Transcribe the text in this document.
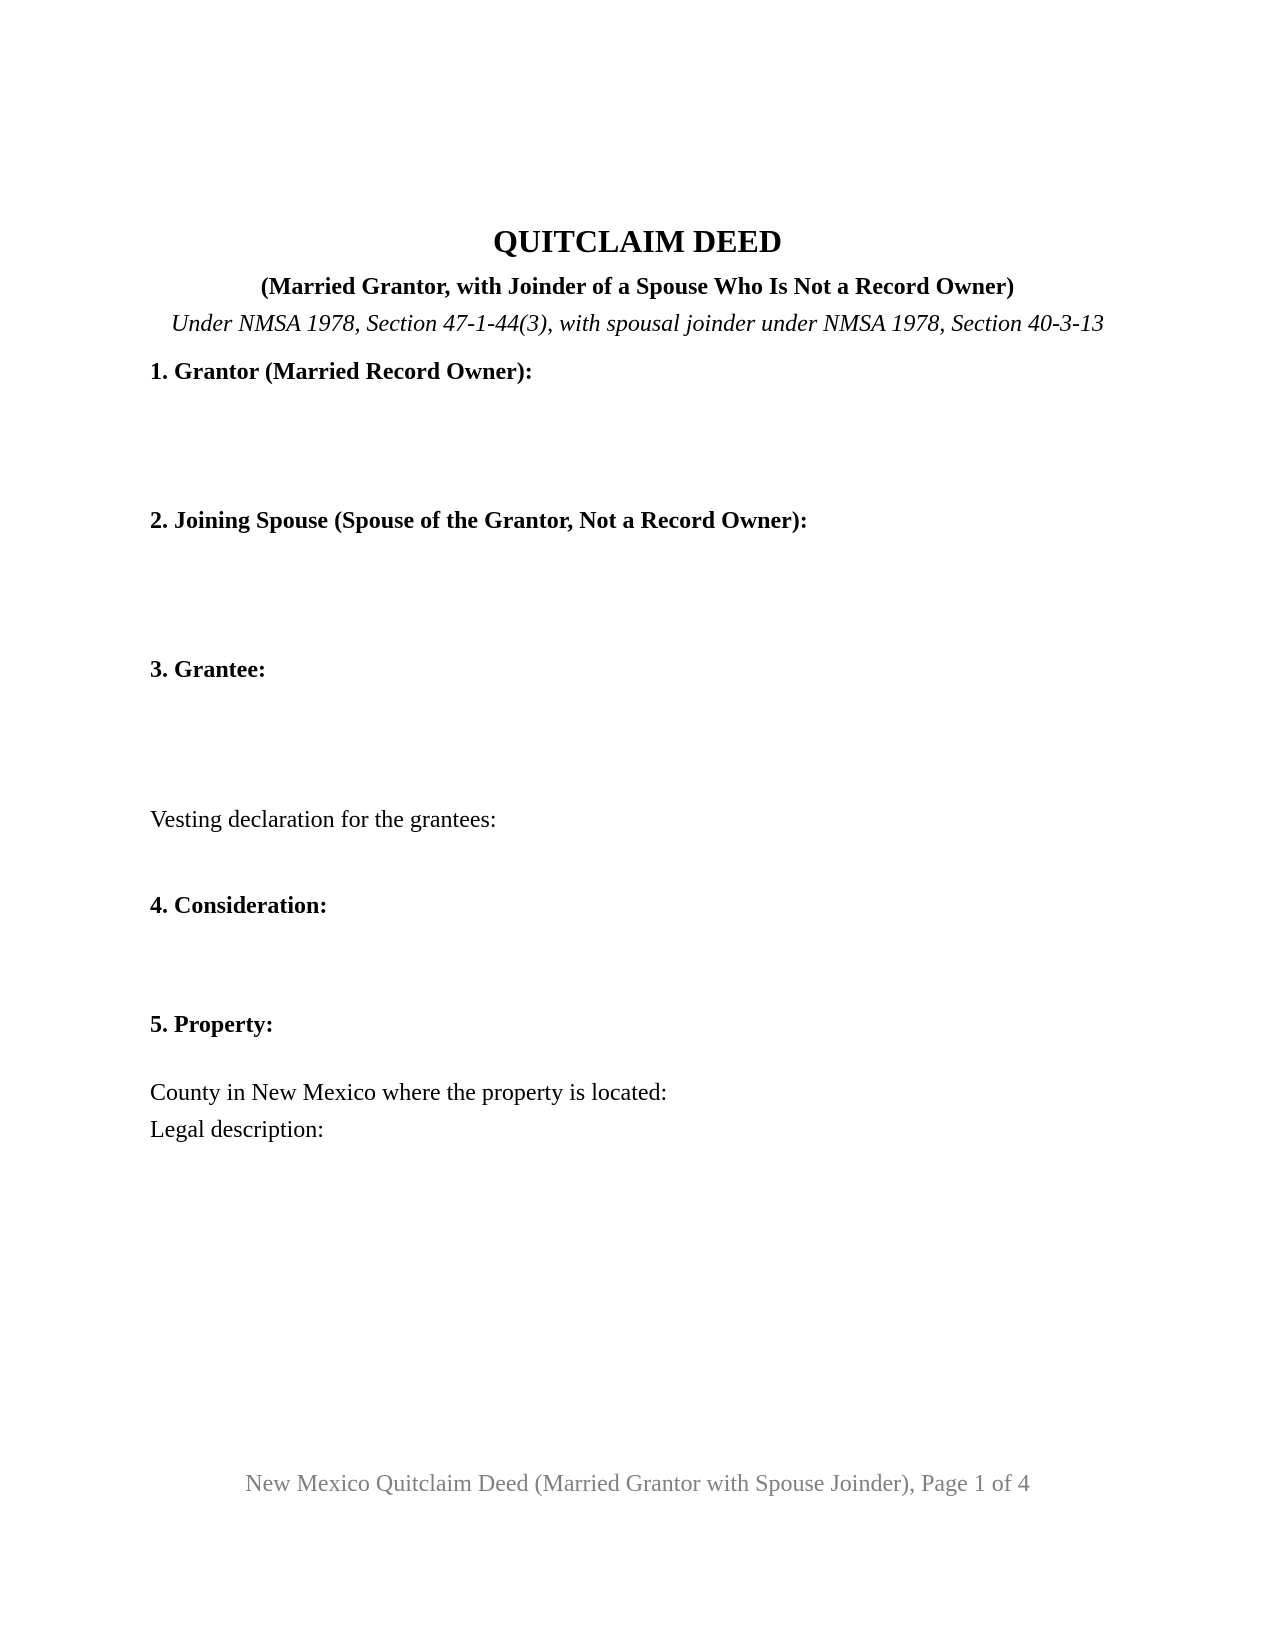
QUITCLAIM DEED

(Married Grantor, with Joinder of a Spouse Who Is Not a Record Owner)

Under NMSA 1978, Section 47-1-44(3), with spousal joinder under NMSA 1978, Section 40-3-13

1. Grantor (Married Record Owner):

2. Joining Spouse (Spouse of the Grantor, Not a Record Owner):

3. Grantee:

Vesting declaration for the grantees:

4. Consideration:

5. Property:

County in New Mexico where the property is located:

Legal description:

New Mexico Quitclaim Deed (Married Grantor with Spouse Joinder), Page 1 of 4
